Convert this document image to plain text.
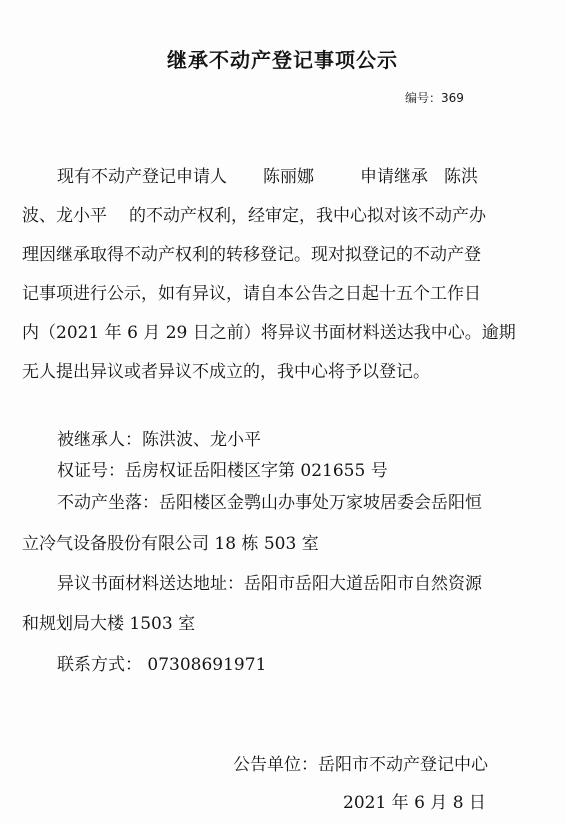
继承不动产登记事项公示
编号：369
现有不动产登记申请人 陈丽娜	申请继承 陈洪
波、龙小平 的不动产权利，经审定，我中心拟对该不动产办
理因继承取得不动产权利的转移登记。现对拟登记的不动产登
记事项进行公示，如有异议，请自本公告之日起十五个工作日
内（2021 年 6 月 29 日之前）将异议书面材料送达我中心。逾期
无人提出异议或者异议不成立的，我中心将予以登记。
被继承人：陈洪波、龙小平
权证号：岳房权证岳阳楼区字第 021655 号
不动产坐落：岳阳楼区金鹗山办事处万家坡居委会岳阳恒
立冷气设备股份有限公司 18 栋 503 室
异议书面材料送达地址：岳阳市岳阳大道岳阳市自然资源
和规划局大楼 1503 室
联系方式： 07308691971
公告单位：岳阳市不动产登记中心
2021 年 6 月 8 日
